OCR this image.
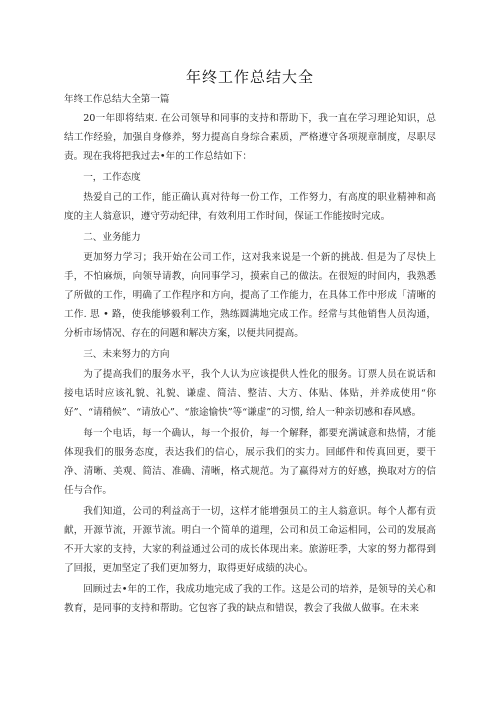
年终工作总结大全

年终工作总结大全第一篇

20一年即将结束. 在公司领导和同事的支持和帮助下，我一直在学习理论知识，总结工作经验，加强自身修养，努力提高自身综合素质，严格遵守各项规章制度，尽职尽责。现在我将把我过去•年的工作总结如下：

一，工作态度

热爱自己的工作，能正确认真对待每一份工作，工作努力，有高度的职业精神和高度的主人翁意识，遵守劳动纪律，有效利用工作时间，保证工作能按时完成。

二、业务能力

更加努力学习；我开始在公司工作，这对我来说是一个新的挑战. 但是为了尽快上手，不怕麻烦，向领导请教，向同事学习，摸索自己的做法。在很短的时间内，我熟悉了所做的工作，明确了工作程序和方向，提高了工作能力，在具体工作中形成「清晰的工作. 思 • 路，使我能够毅利工作，熟练圆满地完成工作。经常与其他销售人员沟通，分析市场情况、存在的问题和解决方案，以便共同提高。

三、未来努力的方向

为了提高我们的服务水平，我个人认为应该提供人性化的服务。订票人员在说话和接电话时应该礼貌、礼貌、谦虚、简洁、整洁、大方、体贴、体贴，并养成使用“你好”、“请稍候”、“请放心”、“旅途愉快”等“谦虚”的习惯, 给人一种亲切感和春风感。

每一个电话，每一个确认，每一个报价，每一个解释，都要充满诚意和热情，才能体现我们的服务态度，表达我们的信心，展示我们的实力。回邮件和传真回更，要干净、清晰、美观、简洁、准确、清晰，格式规范。为了赢得对方的好感，换取对方的信任与合作。

我们知道，公司的利益高于一切，这样才能增强员工的主人翁意识。每个人都有贡献，开源节流，开源节流。明白一个简单的道理，公司和员工命运相同，公司的发展高不开大家的支持，大家的利益通过公司的成长体现出来。旅游旺季，大家的努力都得到了回报，更加坚定了我们更加努力，取得更好成绩的决心。

回顾过去•年的工作，我成功地完成了我的工作。这是公司的培养，是领导的关心和教育，是同事的支持和帮助。它包容了我的缺点和错误，教会了我做人做事。在未来
